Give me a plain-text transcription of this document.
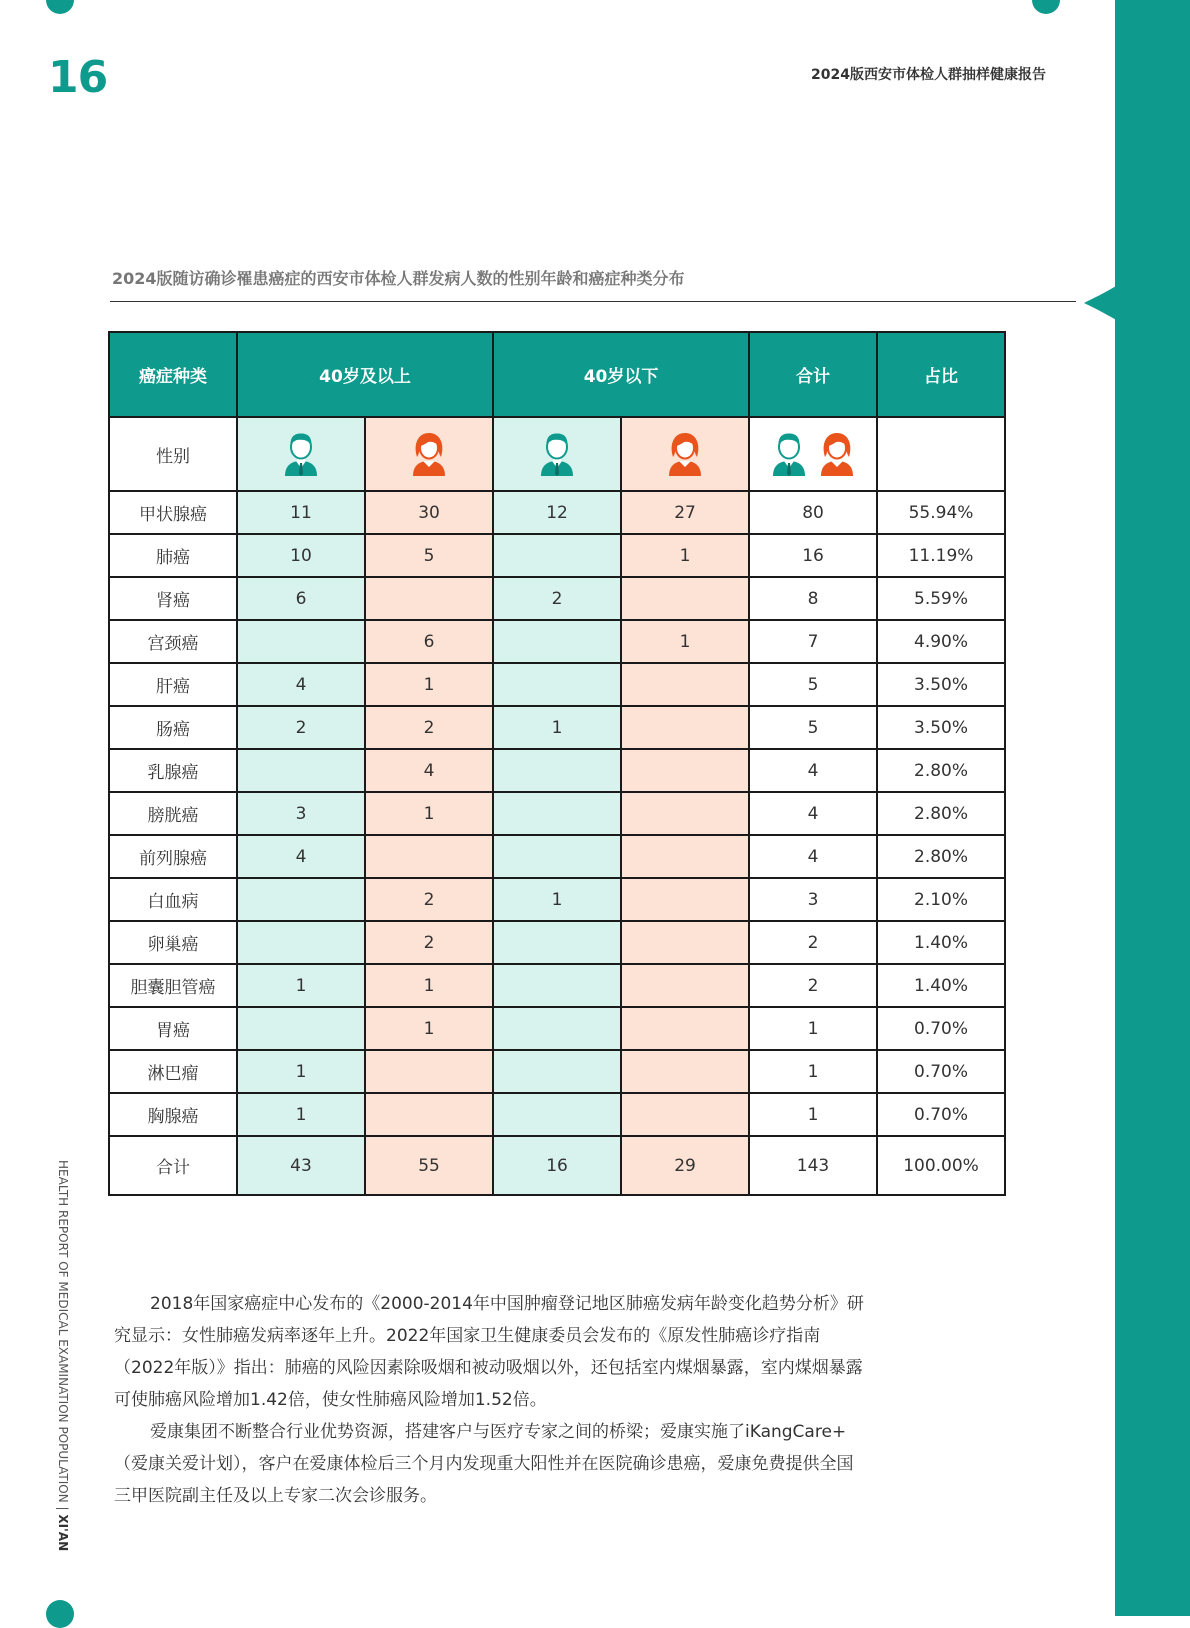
16	2024版西安市体检人群抽样健康报告
2024版随访确诊罹患癌症的西安市体检人群发病人数的性别年龄和癌症种类分布
癌症种类	40岁及以上		40岁以下		合计	占比
性别						
甲状腺癌	11	30	12	27	80	55.94%
肺癌	10	5		1	16	11.19%
肾癌	6		2		8	5.59%
宫颈癌		6		1	7	4.90%
肝癌	4	1			5	3.50%
肠癌	2	2	1		5	3.50%
乳腺癌		4			4	2.80%
膀胱癌	3	1			4	2.80%
前列腺癌	4				4	2.80%
白血病		2	1		3	2.10%
卵巢癌		2			2	1.40%
胆囊胆管癌	1	1			2	1.40%
胃癌		1			1	0.70%
淋巴瘤	1				1	0.70%
胸腺癌	1				1	0.70%
合计	43	55	16	29	143	100.00%

2018年国家癌症中心发布的《2000-2014年中国肿瘤登记地区肺癌发病年龄变化趋势分析》研究显示：女性肺癌发病率逐年上升。2022年国家卫生健康委员会发布的《原发性肺癌诊疗指南（2022年版）》指出：肺癌的风险因素除吸烟和被动吸烟以外，还包括室内煤烟暴露，室内煤烟暴露可使肺癌风险增加1.42倍，使女性肺癌风险增加1.52倍。

爱康集团不断整合行业优势资源，搭建客户与医疗专家之间的桥梁；爱康实施了iKangCare+（爱康关爱计划），客户在爱康体检后三个月内发现重大阳性并在医院确诊患癌，爱康免费提供全国三甲医院副主任及以上专家二次会诊服务。

HEALTH REPORT OF MEDICAL EXAMINATION POPULATION | XI'AN
